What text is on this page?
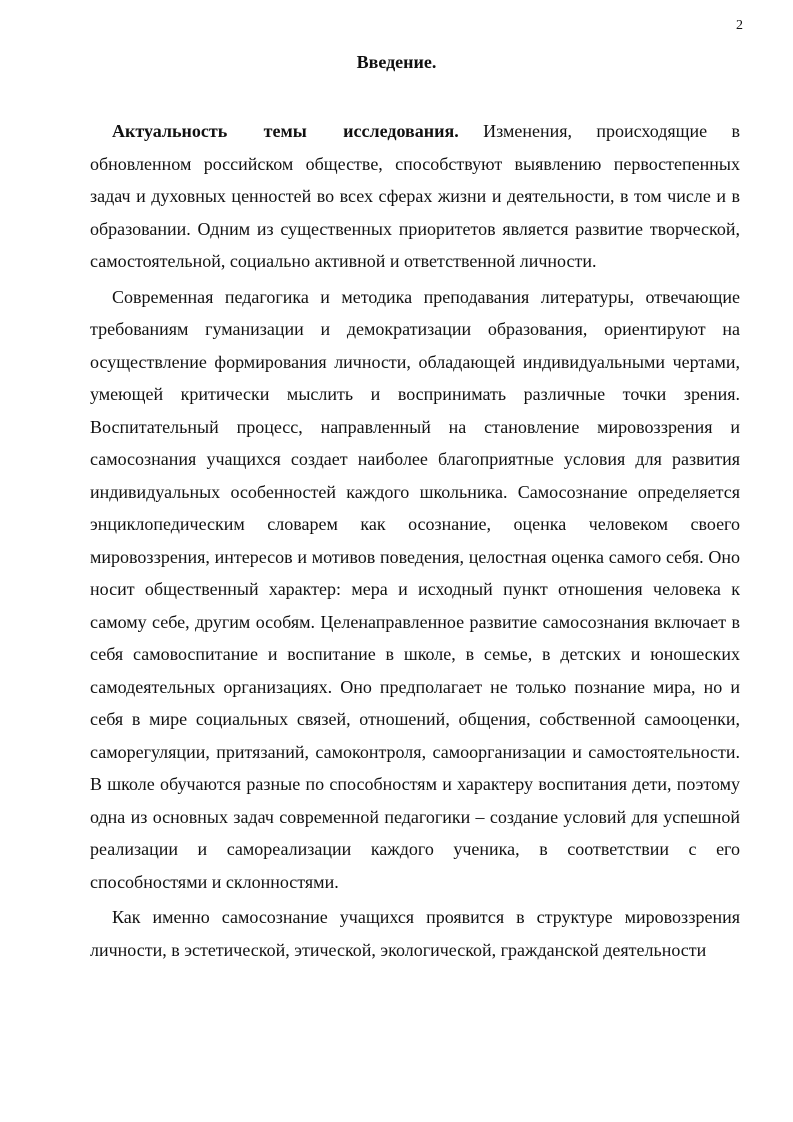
2
Введение.

Актуальность темы исследования. Изменения, происходящие в обновленном российском обществе, способствуют выявлению первостепенных задач и духовных ценностей во всех сферах жизни и деятельности, в том числе и в образовании. Одним из существенных приоритетов является развитие творческой, самостоятельной, социально активной и ответственной личности.

Современная педагогика и методика преподавания литературы, отвечающие требованиям гуманизации и демократизации образования, ориентируют на осуществление формирования личности, обладающей индивидуальными чертами, умеющей критически мыслить и воспринимать различные точки зрения. Воспитательный процесс, направленный на становление мировоззрения и самосознания учащихся создает наиболее благоприятные условия для развития индивидуальных особенностей каждого школьника. Самосознание определяется энциклопедическим словарем как осознание, оценка человеком своего мировоззрения, интересов и мотивов поведения, целостная оценка самого себя. Оно носит общественный характер: мера и исходный пункт отношения человека к самому себе, другим особям. Целенаправленное развитие самосознания включает в себя самовоспитание и воспитание в школе, в семье, в детских и юношеских самодеятельных организациях. Оно предполагает не только познание мира, но и себя в мире социальных связей, отношений, общения, собственной самооценки, саморегуляции, притязаний, самоконтроля, самоорганизации и самостоятельности. В школе обучаются разные по способностям и характеру воспитания дети, поэтому одна из основных задач современной педагогики – создание условий для успешной реализации и самореализации каждого ученика, в соответствии с его способностями и склонностями.

Как именно самосознание учащихся проявится в структуре мировоззрения личности, в эстетической, этической, экологической, гражданской деятельности
